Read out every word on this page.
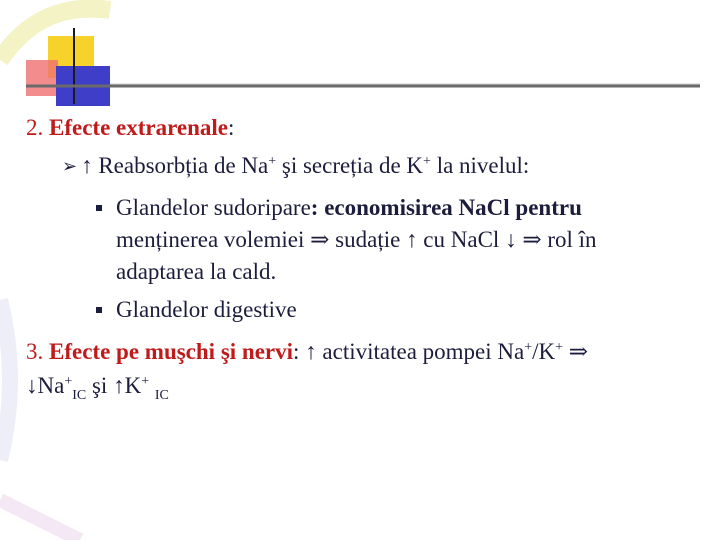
2. Efecte extrarenale:
➢ ↑ Reabsorbția de Na+ şi secreția de K+ la nivelul:
Glandelor sudoripare: economisirea NaCl pentru
menținerea volemiei ⇒ sudație ↑ cu NaCl ↓ ⇒ rol în
adaptarea la cald.
Glandelor digestive
3. Efecte pe muşchi şi nervi: ↑ activitatea pompei Na+/K+ ⇒
$↓Na^+_{IC}$ şi ↑K+ $_{IC}$
